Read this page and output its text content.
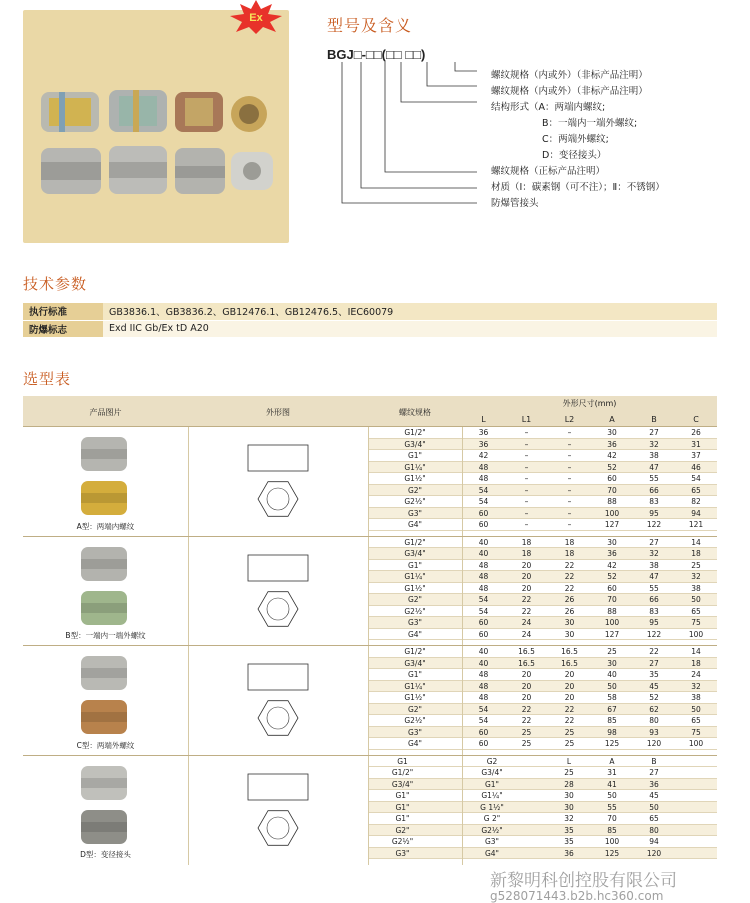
Ex	型号及含义
BGJ□-□□(□□ □□)
螺纹规格（内或外）（非标产品注明）
螺纹规格（内或外）（非标产品注明）
结构形式（A：两端内螺纹;
B：一端内一端外螺纹;
C：两端外螺纹;
D：变径接头）
螺纹规格（正标产品注明）
材质（Ⅰ：碳素钢（可不注）；Ⅱ：不锈钢）
防爆管接头
技术参数
执行标准	GB3836.1、GB3836.2、GB12476.1、GB12476.5、IEC60079
防爆标志	Exd IIC Gb/Ex tD A20
选型表
产品图片	外形图	螺纹规格
外形尺寸(mm)
L	L1	L2	A	B	C
A型：两端内螺纹
G1/2"	36	–	–	30	27	26
G3/4"	36	–	–	36	32	31
G1"	42	–	–	42	38	37
G1¼"	48	–	–	52	47	46
G1½"	48	–	–	60	55	54
G2"	54	–	–	70	66	65
G2½"	54	–	–	88	83	82
G3"	60	–	–	100	95	94
G4"	60	–	–	127	122	121
B型：一端内一端外螺纹
G1/2"	40	18	18	30	27	14
G3/4"	40	18	18	36	32	18
G1"	48	20	22	42	38	25
G1¼"	48	20	22	52	47	32
G1½"	48	20	22	60	55	38
G2"	54	22	26	70	66	50
G2½"	54	22	26	88	83	65
G3"	60	24	30	100	95	75
G4"	60	24	30	127	122	100
C型：两端外螺纹
G1/2"	40	16.5	16.5	25	22	14
G3/4"	40	16.5	16.5	30	27	18
G1"	48	20	20	40	35	24
G1¼"	48	20	20	50	45	32
G1½"	48	20	20	58	52	38
G2"	54	22	22	67	62	50
G2½"	54	22	22	85	80	65
G3"	60	25	25	98	93	75
G4"	60	25	25	125	120	100
D型：变径接头
G1	G2	L	A	B
G1/2"	G3/4"	25	31	27
G3/4"	G1"	28	41	36
G1"	G1¼"	30	50	45
G1"	G 1½"	30	55	50
G1"	G 2"	32	70	65
G2"	G2½"	35	85	80
G2½"	G3"	35	100	94
G3"	G4"	36	125	120
新黎明科创控股有限公司
g528071443.b2b.hc360.com
